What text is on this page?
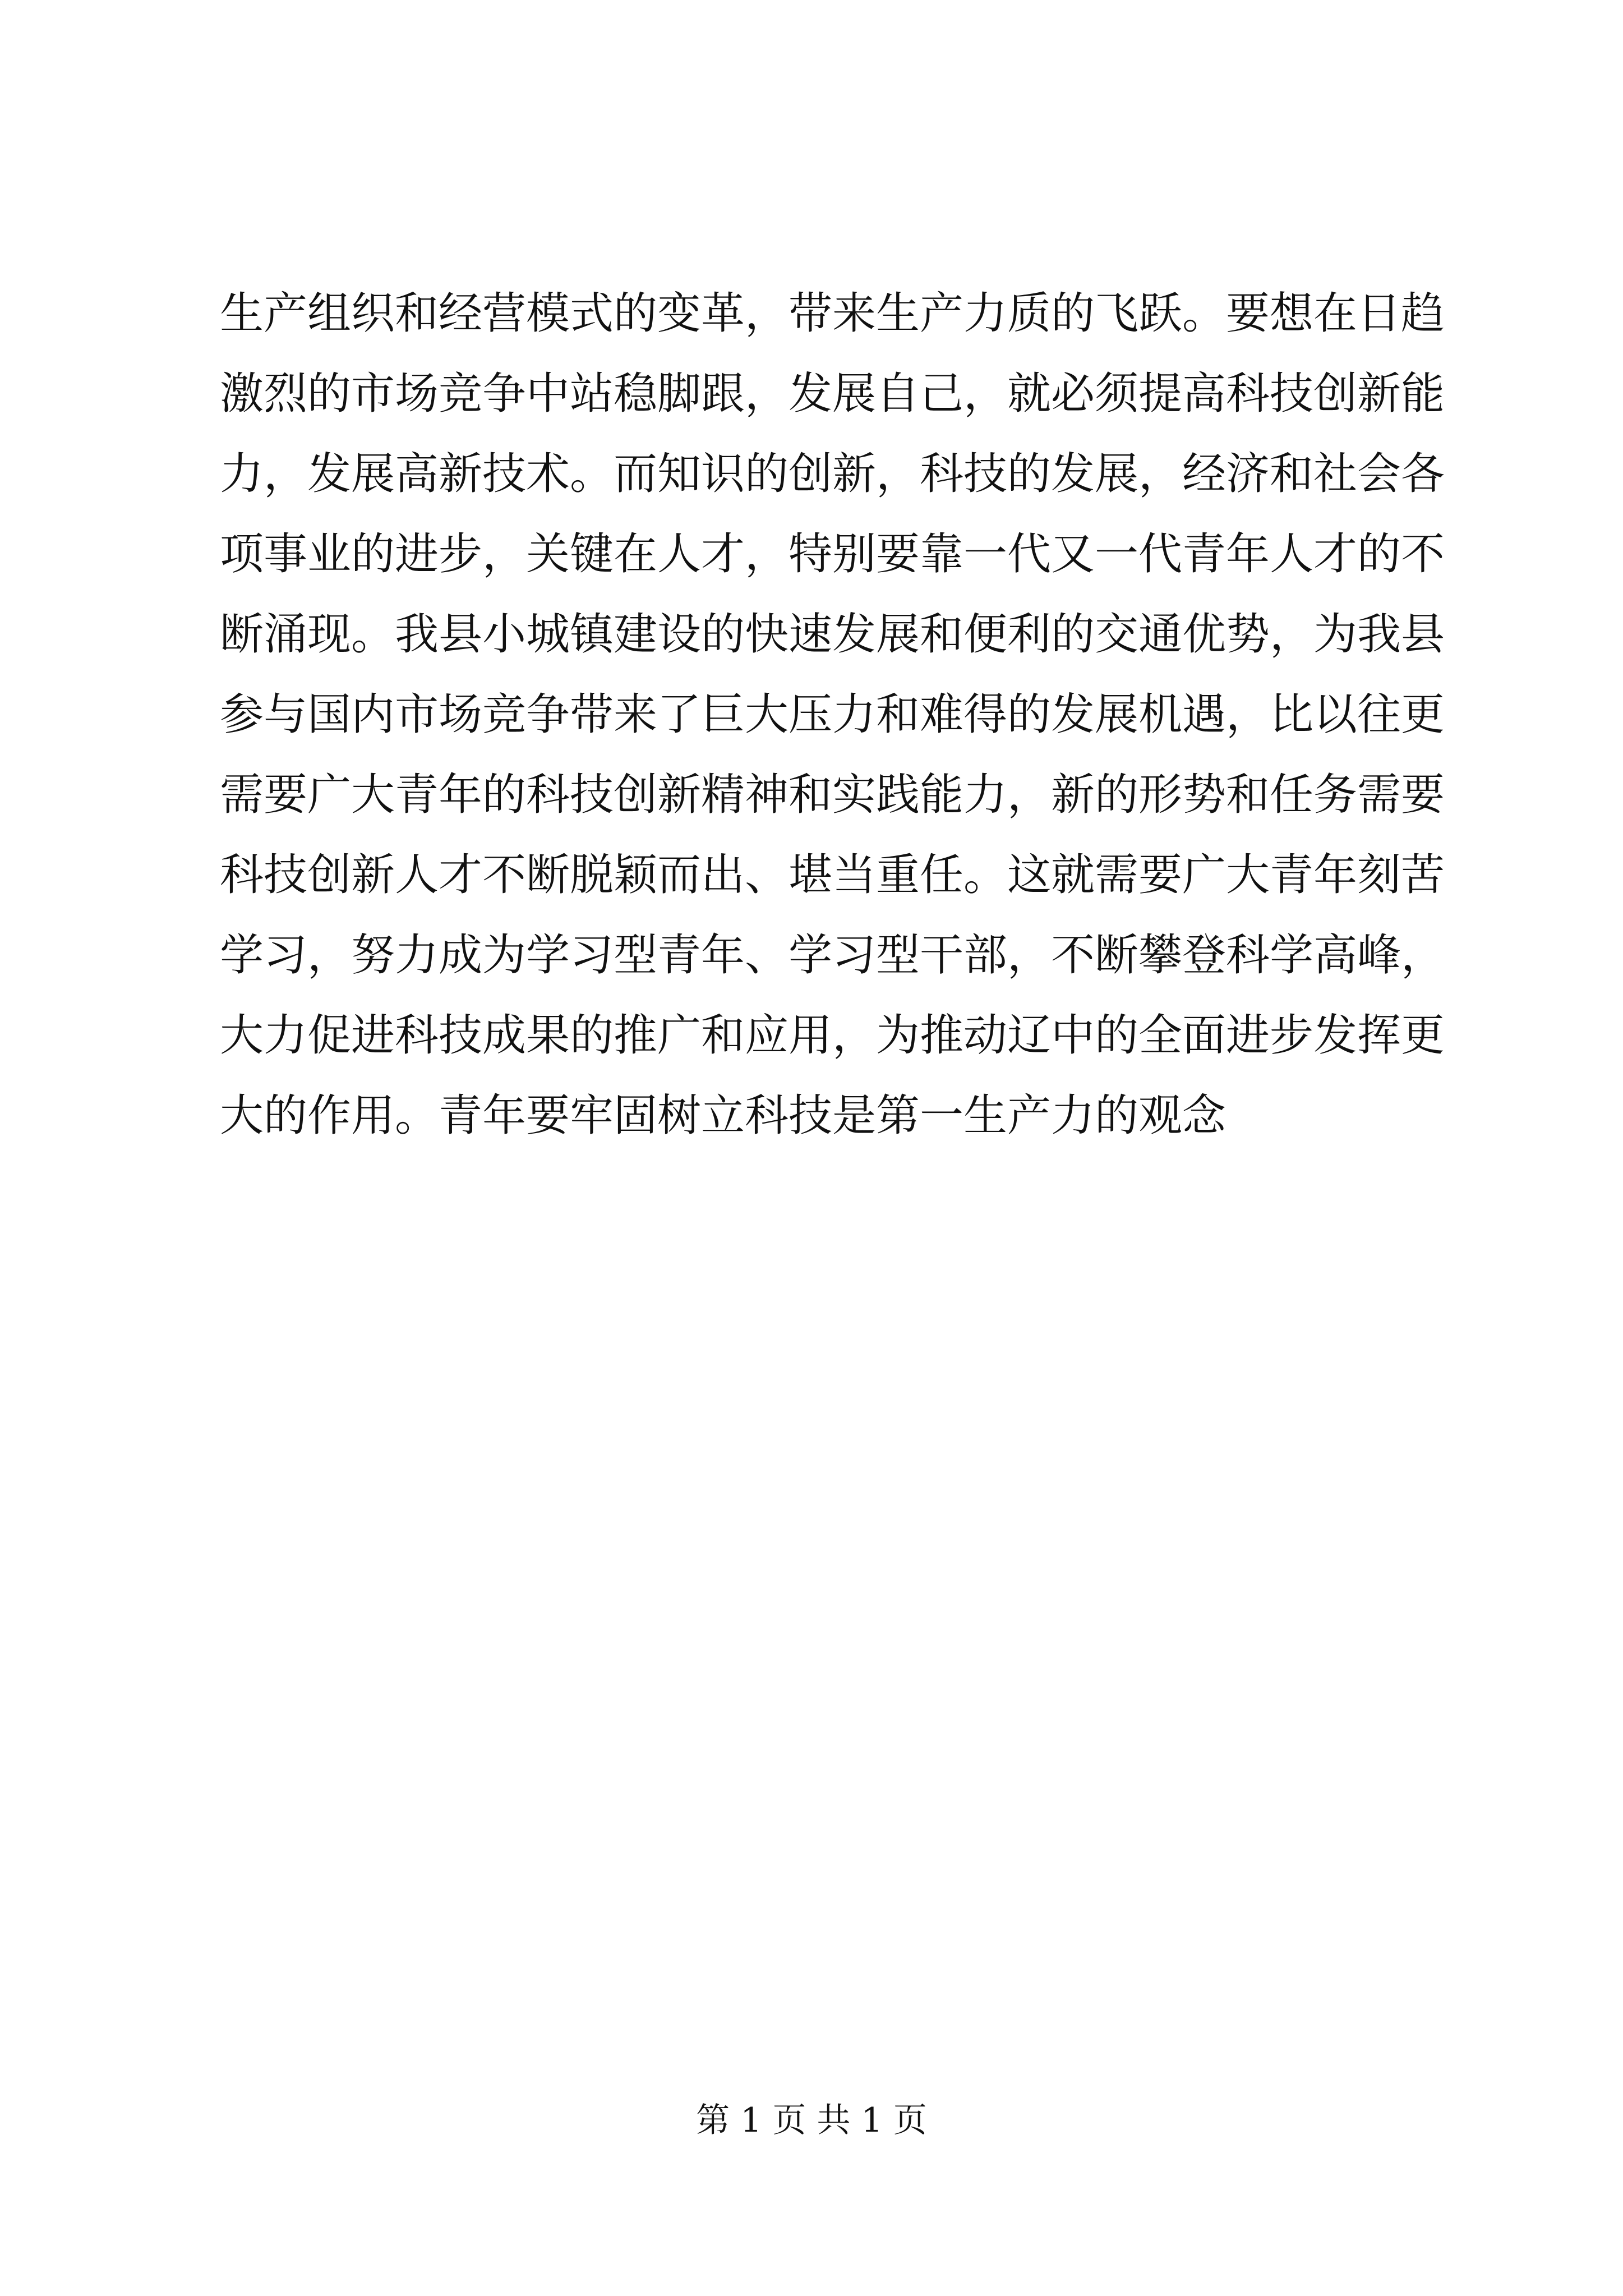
生产组织和经营模式的变革，带来生产力质的飞跃。要想在日趋
激烈的市场竞争中站稳脚跟，发展自己，就必须提高科技创新能
力，发展高新技术。而知识的创新，科技的发展，经济和社会各
项事业的进步，关键在人才，特别要靠一代又一代青年人才的不
断涌现。我县小城镇建设的快速发展和便利的交通优势，为我县
参与国内市场竞争带来了巨大压力和难得的发展机遇，比以往更
需要广大青年的科技创新精神和实践能力，新的形势和任务需要
科技创新人才不断脱颖而出、堪当重任。这就需要广大青年刻苦
学习，努力成为学习型青年、学习型干部，不断攀登科学高峰，
大力促进科技成果的推广和应用，为推动辽中的全面进步发挥更
大的作用。青年要牢固树立科技是第一生产力的观念
第 1 页 共 1 页
